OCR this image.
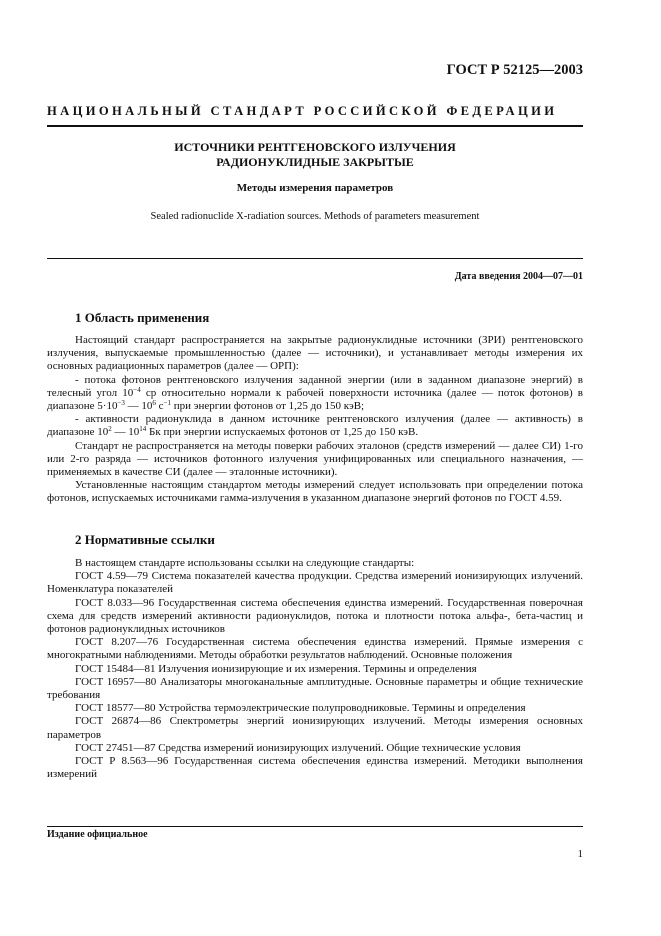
ГОСТ Р 52125—2003
НАЦИОНАЛЬНЫЙ СТАНДАРТ РОССИЙСКОЙ ФЕДЕРАЦИИ
ИСТОЧНИКИ РЕНТГЕНОВСКОГО ИЗЛУЧЕНИЯ
РАДИОНУКЛИДНЫЕ ЗАКРЫТЫЕ
Методы измерения параметров
Sealed radionuclide X-radiation sources. Methods of parameters measurement
Дата введения 2004—07—01
1 Область применения

Настоящий стандарт распространяется на закрытые радионуклидные источники (ЗРИ) рентгеновского излучения, выпускаемые промышленностью (далее — источники), и устанавливает методы измерения их основных радиационных параметров (далее — ОРП):

- потока фотонов рентгеновского излучения заданной энергии (или в заданном диапазоне энергий) в телесный угол $10^{-4}$ ср относительно нормали к рабочей поверхности источника (далее — поток фотонов) в диапазоне $5\cdot 10^{-3}$ — $10^6$ $с^{-1}$ при энергии фотонов от 1,25 до 150 кэВ;

- активности радионуклида в данном источнике рентгеновского излучения (далее — активность) в диапазоне $10^2$ — $10^{14}$ Бк при энергии испускаемых фотонов от 1,25 до 150 кэВ.

Стандарт не распространяется на методы поверки рабочих эталонов (средств измерений — далее СИ) 1-го или 2-го разряда — источников фотонного излучения унифицированных или специального назначения, — применяемых в качестве СИ (далее — эталонные источники).

Установленные настоящим стандартом методы измерений следует использовать при определении потока фотонов, испускаемых источниками гамма-излучения в указанном диапазоне энергий фотонов по ГОСТ 4.59.

2 Нормативные ссылки

В настоящем стандарте использованы ссылки на следующие стандарты:

ГОСТ 4.59—79 Система показателей качества продукции. Средства измерений ионизирующих излучений. Номенклатура показателей

ГОСТ 8.033—96 Государственная система обеспечения единства измерений. Государственная поверочная схема для средств измерений активности радионуклидов, потока и плотности потока альфа-, бета-частиц и фотонов радионуклидных источников

ГОСТ 8.207—76 Государственная система обеспечения единства измерений. Прямые измерения с многократными наблюдениями. Методы обработки результатов наблюдений. Основные положения

ГОСТ 15484—81 Излучения ионизирующие и их измерения. Термины и определения

ГОСТ 16957—80 Анализаторы многоканальные амплитудные. Основные параметры и общие технические требования

ГОСТ 18577—80 Устройства термоэлектрические полупроводниковые. Термины и определения

ГОСТ 26874—86 Спектрометры энергий ионизирующих излучений. Методы измерения основных параметров

ГОСТ 27451—87 Средства измерений ионизирующих излучений. Общие технические условия

ГОСТ Р 8.563—96 Государственная система обеспечения единства измерений. Методики выполнения измерений

Издание официальное
1
